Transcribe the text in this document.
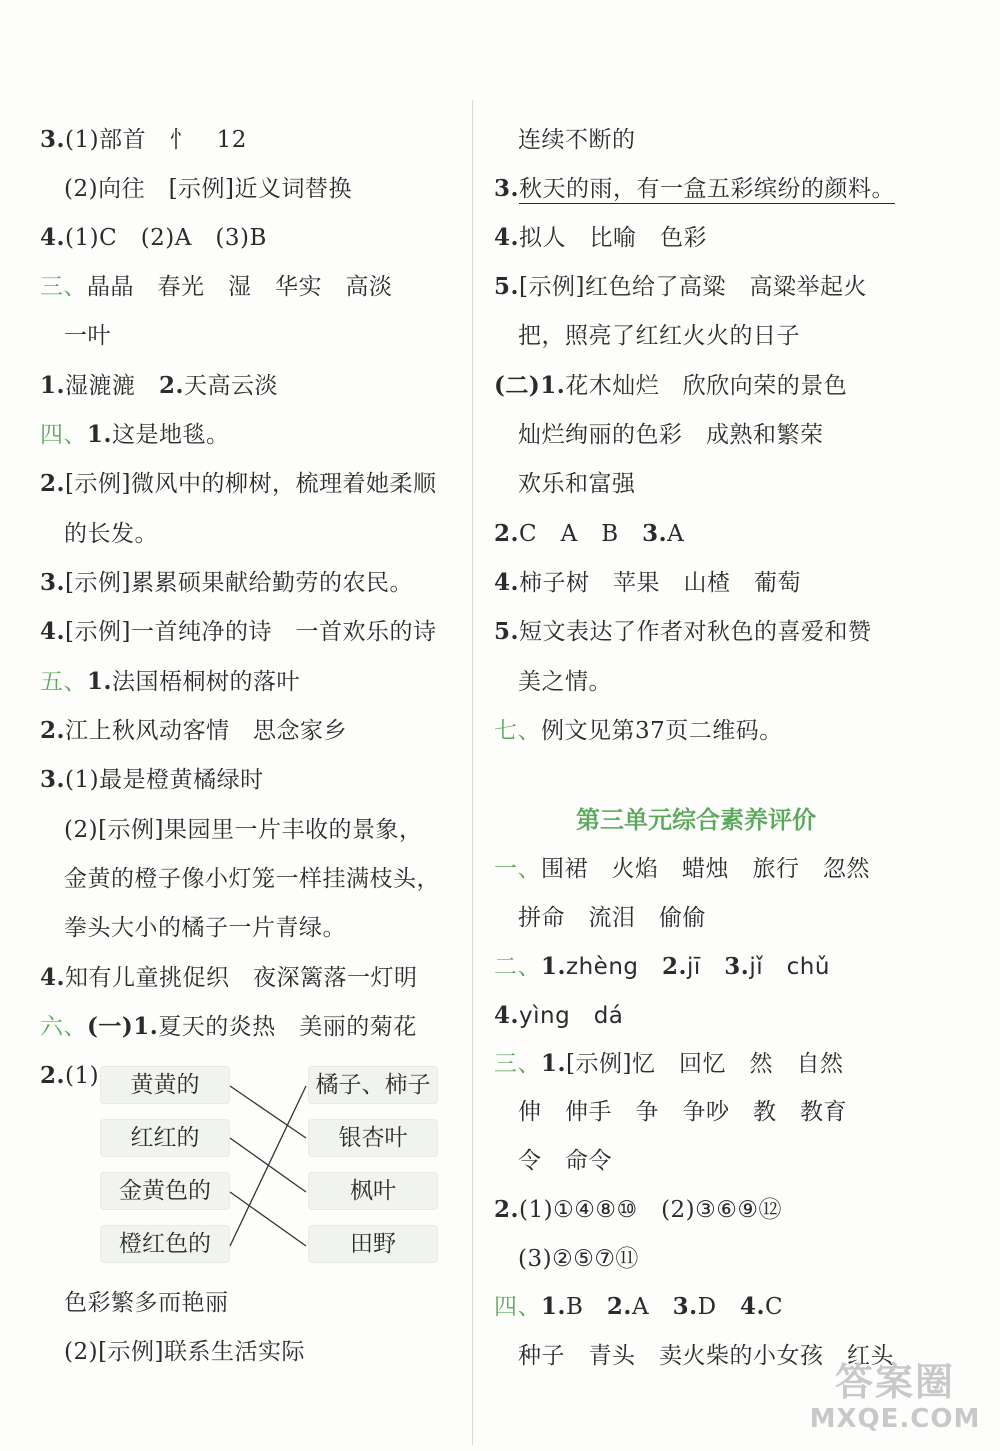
3.(1)部首　忄　12
(2)向往　[示例]近义词替换
4.(1)C　(2)A　(3)B
三、晶晶　春光　湿　华实　高淡
一叶
1.湿漉漉　2.天高云淡
四、1.这是地毯。
2.[示例]微风中的柳树，梳理着她柔顺
的长发。
3.[示例]累累硕果献给勤劳的农民。
4.[示例]一首纯净的诗　一首欢乐的诗
五、1.法国梧桐树的落叶
2.江上秋风动客情　思念家乡
3.(1)最是橙黄橘绿时
(2)[示例]果园里一片丰收的景象，
金黄的橙子像小灯笼一样挂满枝头，
拳头大小的橘子一片青绿。
4.知有儿童挑促织　夜深篱落一灯明
六、(一)1.夏天的炎热　美丽的菊花
2.(1)	黄黄的
红红的
金黄色的
橙红色的
橘子、柿子
银杏叶
枫叶
田野
色彩繁多而艳丽
(2)[示例]联系生活实际
连续不断的
3.秋天的雨，有一盒五彩缤纷的颜料。
4.拟人　比喻　色彩
5.[示例]红色给了高粱　高粱举起火
把，照亮了红红火火的日子
(二)1.花木灿烂　欣欣向荣的景色
灿烂绚丽的色彩　成熟和繁荣
欢乐和富强
2.C　A　B　3.A
4.柿子树　苹果　山楂　葡萄
5.短文表达了作者对秋色的喜爱和赞
美之情。
七、例文见第37页二维码。
第三单元综合素养评价
一、围裙　火焰　蜡烛　旅行　忽然
拼命　流泪　偷偷
二、1.zhèng　2.jī　3.jǐ　chǔ
4.yìng　dá
三、1.[示例]忆　回忆　然　自然
伸　伸手　争　争吵　教　教育
令　命令
2.(1)①④⑧⑩　(2)③⑥⑨⑫
(3)②⑤⑦⑪
四、1.B　2.A　3.D　4.C
种子　青头　卖火柴的小女孩　红头
答案圈
MXQE.COM
